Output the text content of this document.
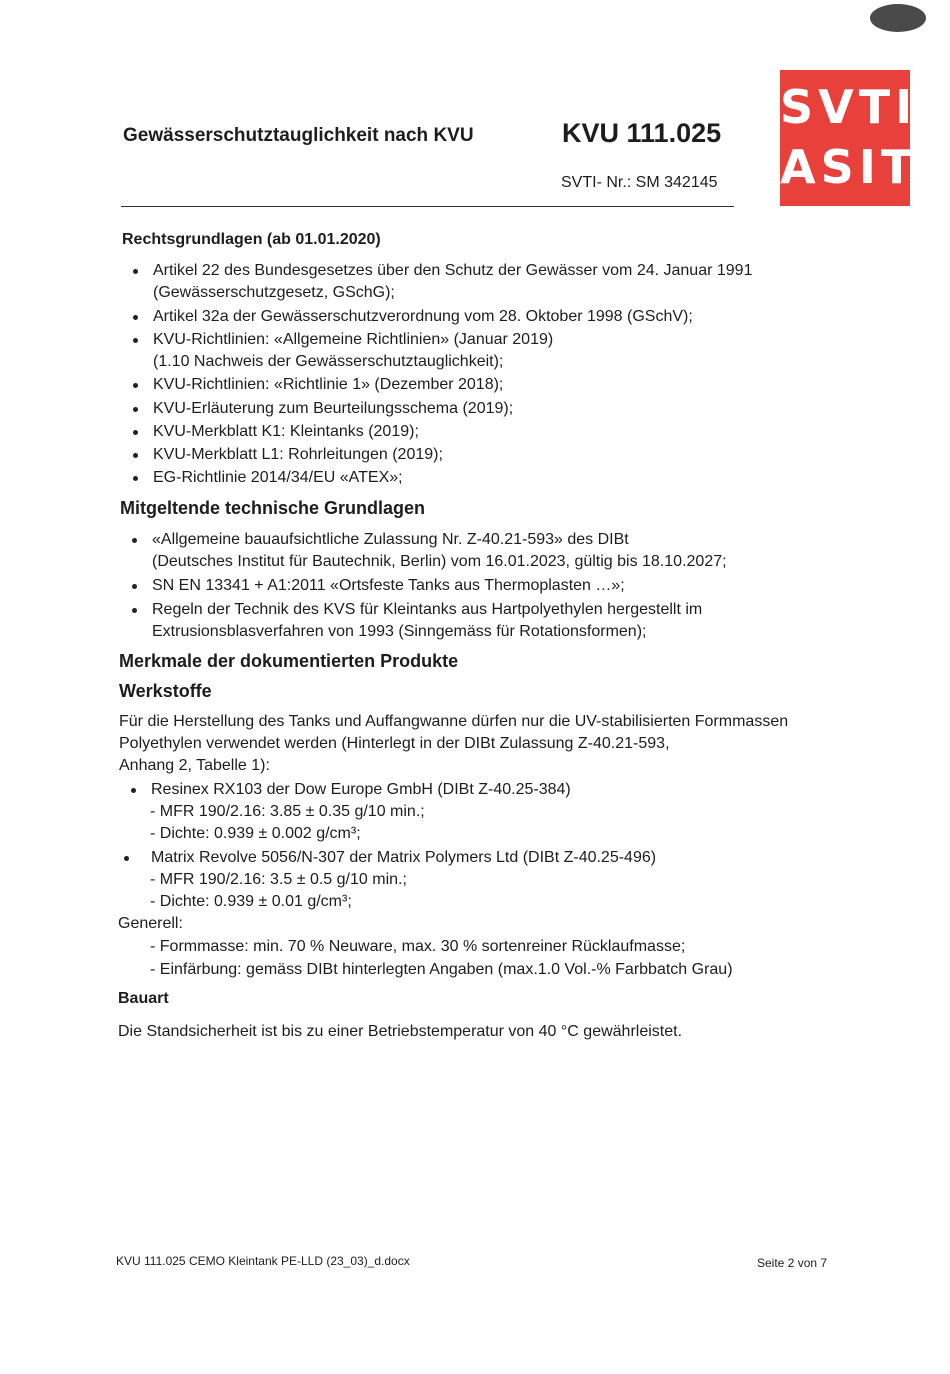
Gewässerschutztauglichkeit nach KVU	KVU 111.025
SVTI- Nr.: SM 342145
SVTI
ASIT
Rechtsgrundlagen (ab 01.01.2020)
Artikel 22 des Bundesgesetzes über den Schutz der Gewässer vom 24. Januar 1991
(Gewässerschutzgesetz, GSchG);
Artikel 32a der Gewässerschutzverordnung vom 28. Oktober 1998 (GSchV);
KVU-Richtlinien: «Allgemeine Richtlinien» (Januar 2019)
(1.10 Nachweis der Gewässerschutztauglichkeit);
KVU-Richtlinien: «Richtlinie 1» (Dezember 2018);
KVU-Erläuterung zum Beurteilungsschema (2019);
KVU-Merkblatt K1: Kleintanks (2019);
KVU-Merkblatt L1: Rohrleitungen (2019);
EG-Richtlinie 2014/34/EU «ATEX»;
Mitgeltende technische Grundlagen
«Allgemeine bauaufsichtliche Zulassung Nr. Z-40.21-593» des DIBt
(Deutsches Institut für Bautechnik, Berlin) vom 16.01.2023, gültig bis 18.10.2027;
SN EN 13341 + A1:2011 «Ortsfeste Tanks aus Thermoplasten …»;
Regeln der Technik des KVS für Kleintanks aus Hartpolyethylen hergestellt im
Extrusionsblasverfahren von 1993 (Sinngemäss für Rotationsformen);
Merkmale der dokumentierten Produkte
Werkstoffe
Für die Herstellung des Tanks und Auffangwanne dürfen nur die UV-stabilisierten Formmassen
Polyethylen verwendet werden (Hinterlegt in der DIBt Zulassung Z-40.21-593,
Anhang 2, Tabelle 1):
Resinex RX103 der Dow Europe GmbH (DIBt Z-40.25-384)
- MFR 190/2.16: 3.85 ± 0.35 g/10 min.;
- Dichte: 0.939 ± 0.002 g/cm³;
Matrix Revolve 5056/N-307 der Matrix Polymers Ltd (DIBt Z-40.25-496)
- MFR 190/2.16: 3.5 ± 0.5 g/10 min.;
- Dichte: 0.939 ± 0.01 g/cm³;
Generell:
- Formmasse: min. 70 % Neuware, max. 30 % sortenreiner Rücklaufmasse;
- Einfärbung: gemäss DIBt hinterlegten Angaben (max.1.0 Vol.-% Farbbatch Grau)
Bauart
Die Standsicherheit ist bis zu einer Betriebstemperatur von 40 °C gewährleistet.
KVU 111.025 CEMO Kleintank PE-LLD (23_03)_d.docx	Seite 2 von 7
